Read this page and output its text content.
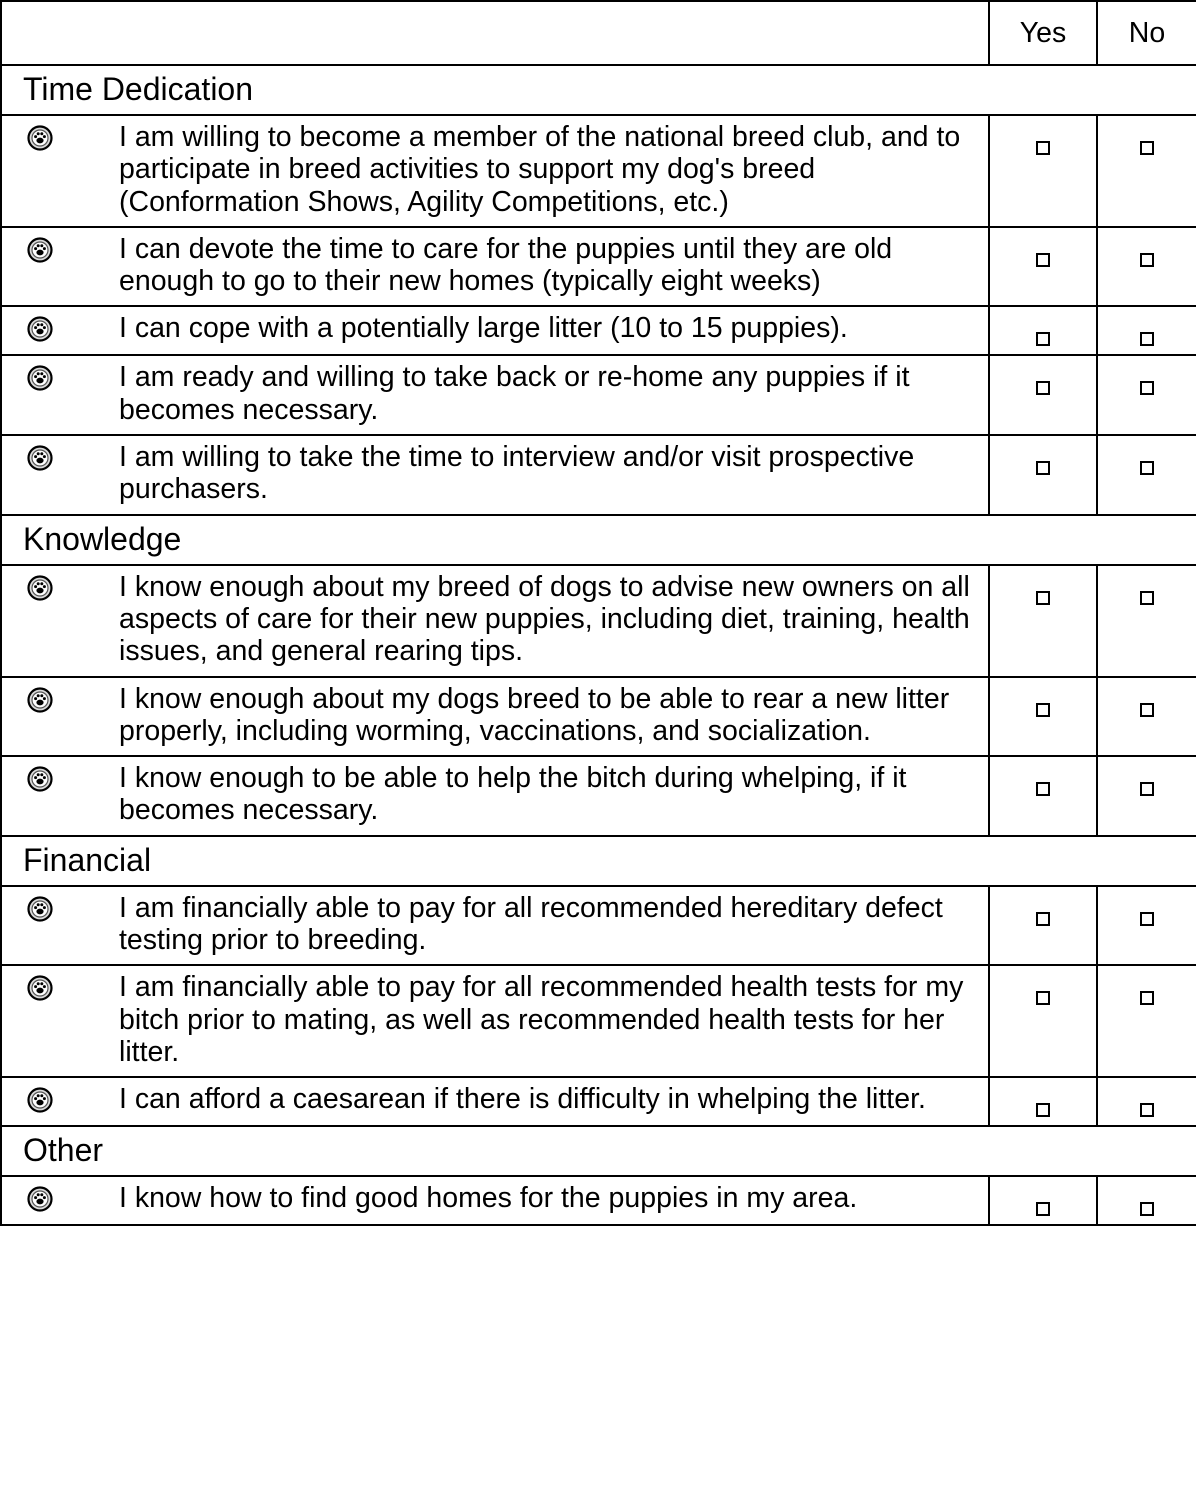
		Yes	No
Time Dedication			

	I am willing to become a member of the national breed club, and to participate in breed activities to support my dog's breed (Conformation Shows, Agility Competitions, etc.)		

	I can devote the time to care for the puppies until they are old enough to go to their new homes (typically eight weeks)		

	I can cope with a potentially large litter (10 to 15 puppies).		

	I am ready and willing to take back or re-home any puppies if it becomes necessary.		

	I am willing to take the time to interview and/or visit prospective purchasers.		
Knowledge			

	I know enough about my breed of dogs to advise new owners on all aspects of care for their new puppies, including diet, training, health issues, and general rearing tips.		

	I know enough about my dogs breed to be able to rear a new litter properly, including worming, vaccinations, and socialization.		

	I know enough to be able to help the bitch during whelping, if it becomes necessary.		
Financial			

	I am financially able to pay for all recommended hereditary defect testing prior to breeding.		

	I am financially able to pay for all recommended health tests for my bitch prior to mating, as well as recommended health tests for her litter.		

	I can afford a caesarean if there is difficulty in whelping the litter.		
Other			

	I know how to find good homes for the puppies in my area.		
